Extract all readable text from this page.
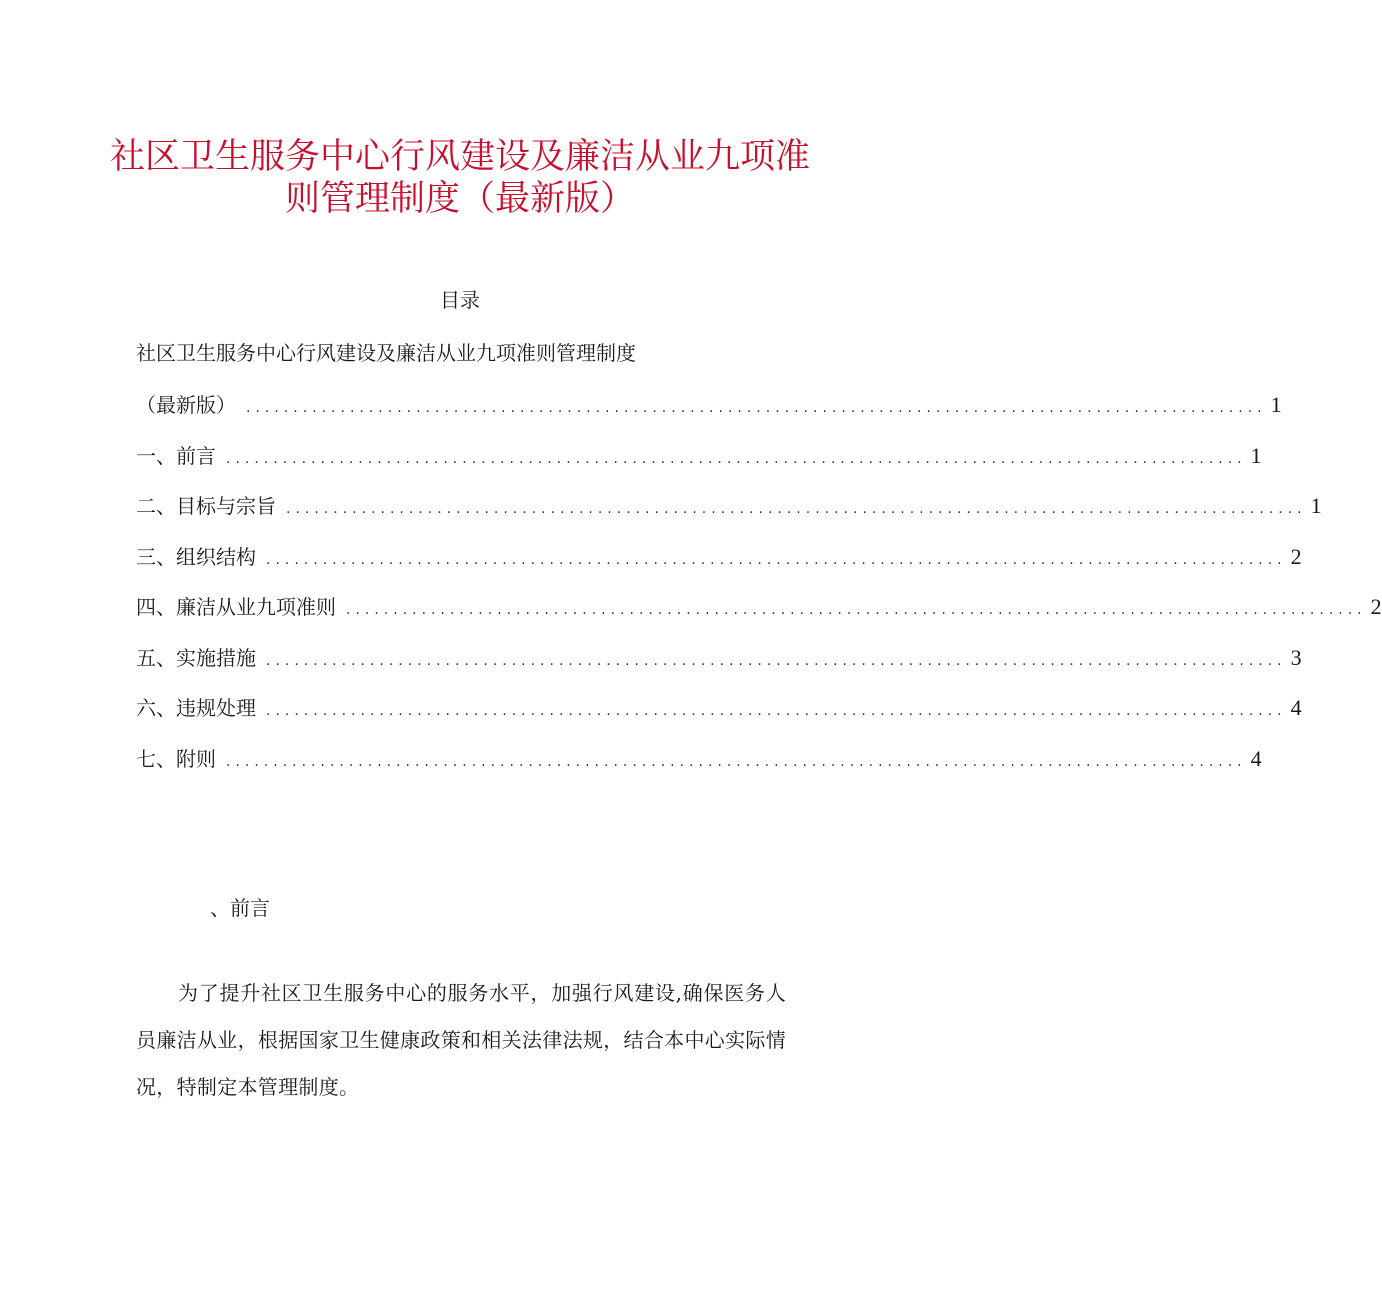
社区卫生服务中心行风建设及廉洁从业九项准
则管理制度（最新版）
目录
社区卫生服务中心行风建设及廉洁从业九项准则管理制度
（最新版） ............................................................................................................ 1
一、前言 ............................................................................................................ 1
二、目标与宗旨 ............................................................................................................ 1
三、组织结构 ............................................................................................................ 2
四、廉洁从业九项准则 ............................................................................................................ 2
五、实施措施 ............................................................................................................ 3
六、违规处理 ............................................................................................................ 4
七、附则 ............................................................................................................ 4
、前言

为了提升社区卫生服务中心的服务水平，加强行风建设,确保医务人员廉洁从业，根据国家卫生健康政策和相关法律法规，结合本中心实际情况，特制定本管理制度。
